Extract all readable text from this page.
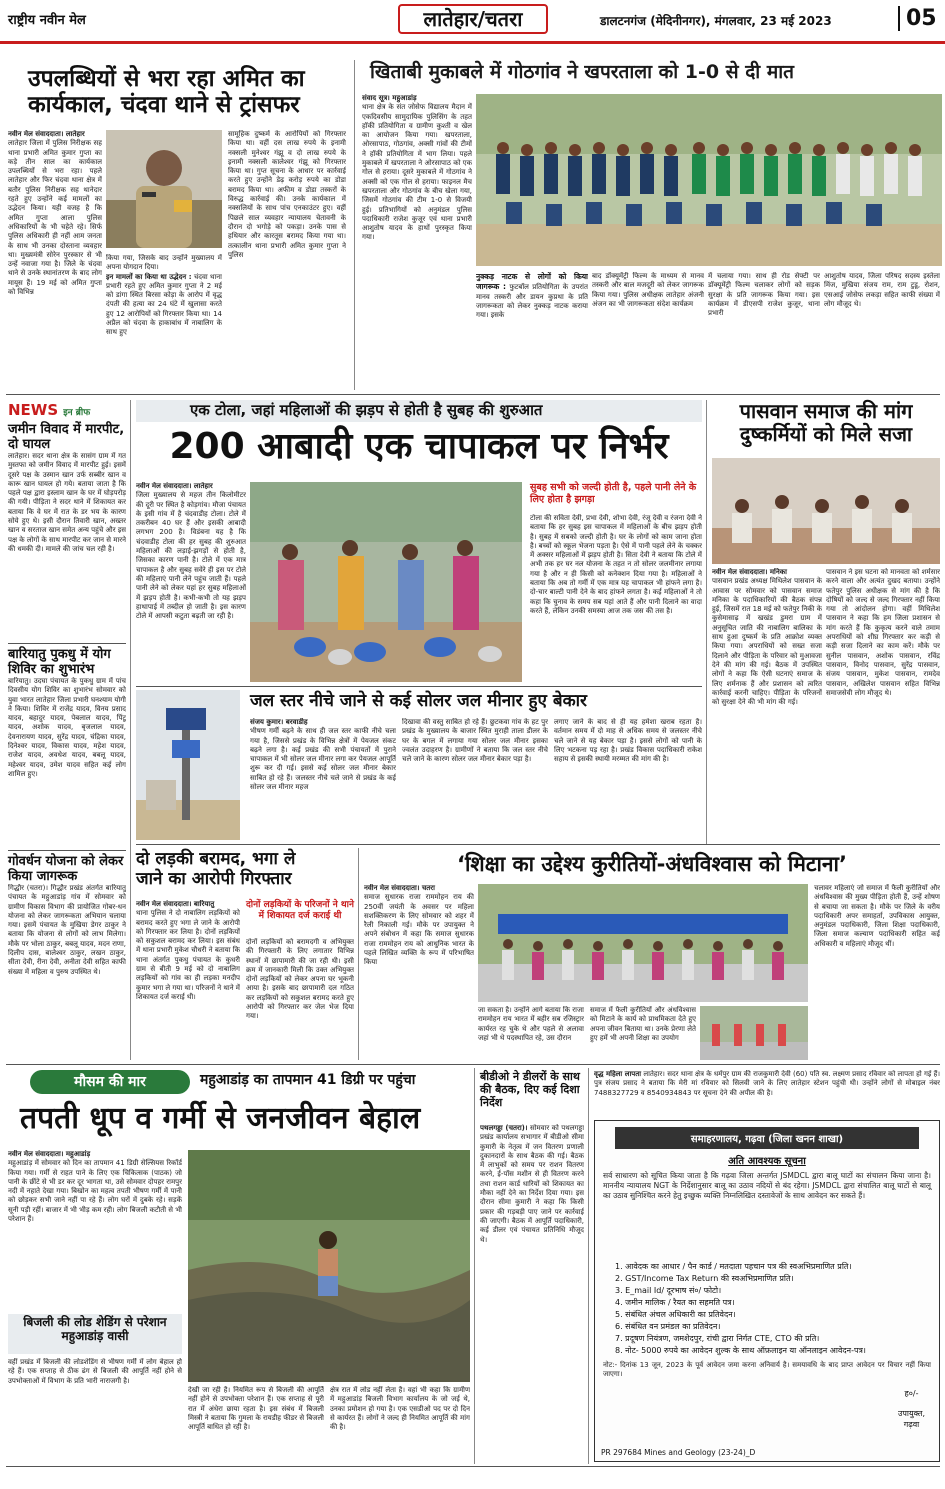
राष्ट्रीय नवीन मेल	लातेहार/चतरा	डालटनगंज (मेदिनीनगर), मंगलवार, 23 मई 2023	05
उपलब्धियों से भरा रहा अमित का
कार्यकाल, चंदवा थाने से ट्रांसफर
नवीन मेल संवाददाता। लातेहार
लातेहार जिला में पुलिस निरीक्षक सह थाना प्रभारी अमित कुमार गुप्ता का कड़े तीन साल का कार्यकाल उपलब्धियों से भरा रहा। पहले लातेहार और फिर चंदवा थाना क्षेत्र में बतौर पुलिस निरीक्षक सह थानेदार रहते हुए उन्होंने कई मामलों का उद्भेदन किया। यही वजह है कि अमित गुप्ता आला पुलिस अधिकारियों के भी चहेते रहे। सिर्फ पुलिस अधिकारी ही नहीं आम जनता के साथ भी उनका दोस्ताना व्यवहार था। मुख्यमंत्री सोरेन पुरस्कार से भी उन्हें नवाजा गया है। जिले के चंदवा थाने से उनके स्थानांतरण के बाद लोग मायूस हैं। 19 मई को अमित गुप्ता को विभिन्न
किया गया, जिसके बाद उन्होंने मुख्यालय में अपना योगदान दिया।
इन मामलों का किया था उद्भेदन : चंदवा थाना प्रभारी रहते हुए अमित कुमार गुप्ता ने 2 मई को डांगा स्थित बिरसा कोड़ा के आरोप में वृद्ध दंपती की हत्या का 24 घंटे में खुलासा करते हुए 12 आरोपियों को गिरफ्तार किया था। 14 अप्रैल को चंदवा के हाकाबांध में नाबालिग के साथ हुए
सामूहिक दुष्कर्म के आरोपियों को गिरफ्तार किया था। वहीं दस लाख रुपये के इनामी नक्सली मुनेश्वर गंझू व दो लाख रुपये के इनामी नक्सली कालेश्वर गंझू को गिरफ्तार किया था। गुप्त सूचना के आधार पर कार्रवाई करते हुए उन्होंने डेढ़ करोड़ रुपये का डोडा बरामद किया था। अफीम व डोडा तस्करों के विरुद्ध कार्रवाई की। उनके कार्यकाल में नक्सलियों के साथ पांच एनकाउंटर हुए। वहीं पिछले साल व्यवहार न्यायालय चेतावनी के दौरान दो भगोड़े को पकड़ा। उनके पास से हथियार और कारतूस बरामद किया गया था। तत्कालीन थाना प्रभारी अमित कुमार गुप्ता ने पुलिस
खिताबी मुकाबले में गोठगांव ने खपरताला को 1-0 से दी मात
संवाद सूत्र। महुआडांड़
थाना क्षेत्र के संत जोसेफ विद्यालय मैदान में एकदिवसीय सामुदायिक पुलिसिंग के तहत हॉकी प्रतियोगिता व ग्रामीण कुश्ती व खेल का आयोजन किया गया। खपरताला, ओरसापाठ, गोठगांव, अक्सी गांवों की टीमों ने हॉकी प्रतियोगिता में भाग लिया। पहले मुकाबले में खपरताला ने ओरसापाठ को एक गोल से हराया। दूसरे मुकाबले में गोठगांव ने अक्सी को एक गोल से हराया। फाइनल मैच खपरताला और गोठगांव के बीच खेला गया, जिसमें गोठगांव की टीम 1-0 से विजयी हुई। प्रतिभागियों को अनुमंडल पुलिस पदाधिकारी राजेश कुजूर एवं थाना प्रभारी आशुतोष यादव के हाथों पुरस्कृत किया गया।
नुक्कड़ नाटक से लोगों को किया जागरूक : फुटबॉल प्रतियोगिता के उपरांत मानव तस्करी और डायन कुप्रथा के प्रति जागरूकता को लेकर नुक्कड़ नाटक कराया गया। इसके
बाद डॉक्यूमेंट्री फिल्म के माध्यम से मानव तस्करी और बाल मजदूरी को लेकर जागरूक किया गया। पुलिस अधीक्षक लातेहार अंजनी अंजन का भी जागरूकता संदेश कार्यक्रम
में चलाया गया। साथ ही रोड सेफ्टी पर डॉक्यूमेंट्री फिल्म चलाकर लोगों को सड़क सुरक्षा के प्रति जागरूक किया गया। इस कार्यक्रम में डीएसपी राजेश कुजूर, थाना प्रभारी
आशुतोष यादव, जिला परिषद सदस्य इस्तेला मिंज, मुखिया संजय राम, राम टुडू, रोशन, एसआई जोसेफ लकड़ा सहित काफी संख्या में लोग मौजूद थे।
NEWS इन ब्रीफ
जमीन विवाद में मारपीट, दो घायल
लातेहार। सदर थाना क्षेत्र के सासंग ग्राम में गत मुस्तफा को जमीन विवाद में मारपीट हुई। इसमें दूसरे पक्ष के उस्मान खान उर्फ सब्बीर खान व कारू खान घायल हो गये। बताया जाता है कि पहले पक्ष द्वारा इस्लाम खान के घर में घोड़परोड़ की गयी। पीड़िता ने सदर थाने में शिकायत कर बताया कि वे घर में रात के डर भय के कारण सोये हुए थे। इसी दौरान तिवारी खान, अख्तर खान व सरताज खान समेत अन्य पहुंचे और इस पक्ष के लोगों के साथ मारपीट कर जान से मारने की धमकी दी। मामले की जांच चल रही है।
बारियातु पुकधु में योग शिविर का शुभारंभ
बारियातु। उदघा पंचायत के पुकधु ग्राम में पांच दिवसीय योग शिविर का शुभारंभ सोमवार को युवा भारत लातेहार जिला प्रभारी घनश्याम योगी ने किया। शिविर में राजेंद्र यादव, विनय प्रसाद यादव, बहादुर यादव, पेबलाल यादव, पिंटू यादव, अशोक यादव, बृजलाल यादव, देवनारायण यादव, सुरेंद्र यादव, चंद्रिका यादव, दिनेश्वर यादव, विकास यादव, महेश यादव, राजेश यादव, अवधेश यादव, बबलू यादव, महेश्वर यादव, उमेश यादव सहित कई लोग शामिल हुए।
गोवर्धन योजना को लेकर किया जागरूक
गिद्धौर (चतरा)। गिद्धौर प्रखंड अंतर्गत बारियातु पंचायत के महुआडांड़ गांव में सोमवार को ग्रामीण विकास विभाग की प्रायोजित गोबर-धन योजना को लेकर जागरूकता अभियान चलाया गया। इसमें पंचायत के मुखिया डेगर ठाकुर ने बताया कि योजना से लोगों को लाभ मिलेगा। मौके पर भोला ठाकुर, बबलू यादव, मदन राणा, दिलीप दास, बालेश्वर ठाकुर, लखन ठाकुर, सीता देवी, रीना देवी, अनीता देवी सहित काफी संख्या में महिला व पुरुष उपस्थित थे।
एक टोला, जहां महिलाओं की झड़प से होती है सुबह की शुरुआत
200 आबादी एक चापाकल पर निर्भर
नवीन मेल संवाददाता। लातेहार
जिला मुख्यालय से महज तीन किलोमीटर की दूरी पर स्थित है कोड़गांव। मौजा पंचायत के इसी गांव में है चंदवाडीह टोला। टोले में तकरीबन 40 घर हैं और इसकी आबादी लगभग 200 है। विडंबना यह है कि चंदवाडीह टोला की हर सुबह की शुरुआत महिलाओं की लड़ाई-झगड़ों से होती है, जिसका कारण पानी है। टोले में एक मात्र चापाकल है और सुबह सवेरे ही इस पर टोले की महिलाएं पानी लेने पहुंच जाती हैं। पहले पानी लेने को लेकर यहां हर सुबह महिलाओं में झड़प होती है। कभी-कभी तो यह झड़प हाथापाई में तब्दील हो जाती है। इस कारण टोले में आपसी कटुता बढ़ती जा रही है।
सुबह सभी को जल्दी होती है, पहले पानी लेने के लिए होता है झगड़ा
टोला की सविता देवी, प्रभा देवी, शोभा देवी, रंजू देवी व रंजना देवी ने बताया कि हर सुबह इस चापाकल में महिलाओं के बीच झड़प होती है। सुबह में सबको जल्दी होती है। घर के लोगों को काम जाना होता है। बच्चों को स्कूल भेजना पड़ता है। ऐसे में पानी पहले लेने के चक्कर में अक्सर महिलाओं में झड़प होती है। सिता देवी ने बताया कि टोले में अभी तक हर घर नल योजना के तहत न तो सोलर जलमीनार लगाया गया है और न ही किसी को कनेक्शन दिया गया है। महिलाओं ने बताया कि अब तो गर्मी में एक मात्र यह चापाकल भी हांफने लगा है। दो-चार बाल्टी पानी देने के बाद हांफने लगता है। कई महिलाओं ने तो कहा कि चुनाव के समय सब यहां आते हैं और पानी दिलाने का वादा करते हैं, लेकिन उनकी समस्या आज तक जस की तस है।
पासवान समाज की मांग
दुष्कर्मियों को मिले सजा
नवीन मेल संवाददाता। मनिका
पासवान प्रखंड अध्यक्ष मिथिलेश पासवान के आवास पर सोमवार को पासवान समाज मनिका के पदाधिकारियों की बैठक संपन्न हुई, जिसमें रात 18 मई को फतेपुर निकी के कुसेमासाढ़ में खखंड डुमरा ग्राम में अनुसूचित जाति की नाबालिग बालिका के साथ हुआ दुष्कर्म के प्रति आक्रोश व्यक्त किया गया। अपराधियों को सख्त सजा दिलाने और पीड़िता के परिवार को मुआवजा देने की मांग की गई। बैठक में उपस्थित लोगों ने कहा कि ऐसी घटनाएं समाज के लिए शर्मनाक हैं और प्रशासन को त्वरित कार्रवाई करनी चाहिए। पीड़िता के परिजनों को सुरक्षा देने की भी मांग की गई।
पासवान ने इस घटना को मानवता को शर्मसार करने वाला और अत्यंत दुखद बताया। उन्होंने फतेपुर पुलिस अधीक्षक से मांग की है कि दोषियों को जल्द से जल्द गिरफ्तार नहीं किया गया तो आंदोलन होगा। वहीं मिथिलेश पासवान ने कहा कि हम जिला प्रशासन से मांग करते हैं कि कुकृत्य करने वाले तमाम अपराधियों को शीघ्र गिरफ्तार कर कड़ी से कड़ी सजा दिलाने का काम करें। मौके पर सुनील पासवान, अशोक पासवान, रविंद्र पासवान, विनोद पासवान, सुरेंद्र पासवान, संजय पासवान, मुकेश पासवान, रामदेव पासवान, अखिलेश पासवान सहित विभिन्न समाजसेवी लोग मौजूद थे।
जल स्तर नीचे जाने से कई सोलर जल मीनार हुए बेकार
संजय कुमार। बरवाडीह
भीषण गर्मी बढ़ने के साथ ही जल स्तर काफी नीचे चला गया है, जिससे प्रखंड के विभिन्न क्षेत्रों में पेयजल संकट बढ़ने लगा है। कई प्रखंड की सभी पंचायतों में पुराने चापाकल में भी सोलर जल मीनार लगा कर पेयजल आपूर्ति शुरू कर दी गई। इससे कई सोलर जल मीनार बेकार साबित हो रहे हैं। जलस्तर नीचे चले जाने से प्रखंड के कई सोलर जल मीनार महज
दिखावा की वस्तु साबित हो रहे हैं। छुटकवा गांव के हट पुर प्रखंड के मुख्यालय के बाजार स्थित मुराही ताला डीलर के घर के बगल में लगाया गया सोलर जल मीनार इसका ज्वलंत उदाहरण है। ग्रामीणों ने बताया कि जल स्तर नीचे चले जाने के कारण सोलर जल मीनार बेकार पड़ा है।
लगाए जाने के बाद से ही यह हमेशा खराब रहता है। वर्तमान समय में दो माह से अधिक समय से जलस्तर नीचे चले जाने से यह बेकार पड़ा है। इससे लोगों को पानी के लिए भटकना पड़ रहा है। प्रखंड विकास पदाधिकारी राकेश सहाय से इसकी स्थायी मरम्मत की मांग की है।
दो लड़की बरामद, भगा ले
जाने का आरोपी गिरफ्तार
नवीन मेल संवाददाता। बारियातु
थाना पुलिस ने दो नाबालिग लड़कियों को बरामद करते हुए भगा ले जाने के आरोपी को गिरफ्तार कर लिया है। दोनों लड़कियों को सकुशल बरामद कर लिया। इस संबंध में थाना प्रभारी मुकेश चौधरी ने बताया कि थाना अंतर्गत पुकधु पंचायत के कुधरी ग्राम से बीती 9 मई को दो नाबालिग लड़कियों को गांव का ही लड़का मनदीप कुमार भगा ले गया था। परिजनों ने थाने में शिकायत दर्ज कराई थी।
दोनों लड़कियों के परिजनों ने थाने में शिकायत दर्ज कराई थी
दोनों लड़कियों को बरामदगी व अभियुक्त की गिरफ्तारी के लिए लगातार विभिन्न स्थानों में छापामारी की जा रही थी। इसी क्रम में जानकारी मिली कि उक्त अभियुक्त दोनों लड़कियों को लेकर अपना घर भूकनी आया है। इसके बाद छापामारी दल गठित कर लड़कियों को सकुशल बरामद करते हुए आरोपी को गिरफ्तार कर जेल भेज दिया गया।
‘शिक्षा का उद्देश्य कुरीतियों-अंधविश्वास को मिटाना’
नवीन मेल संवाददाता। चतरा
समाज सुधारक राजा राममोहन राय की 250वीं जयंती के अवसर पर महिला सशक्तिकरण के लिए सोमवार को शहर में रैली निकाली गई। मौके पर उपायुक्त ने अपने संबोधन में कहा कि समाज सुधारक राजा राममोहन राय को आधुनिक भारत के पहले लिखित व्यक्ति के रूप में परिभाषित किया
जा सकता है। उन्होंने आगे बताया कि राजा राममोहन राय भारत में बहीर सब रजिस्ट्रार कार्यरत रह चुके थे और पहले से अलावा जहां भी थे पदस्थापित रहे, उस दौरान
समाज में फैली कुरीतियों और अंधविश्वास को मिटाने के कार्य को प्राथमिकता देते हुए अपना जीवन बिताया था। उनके प्रेरणा लेते हुए हमें भी अपनी शिक्षा का उपयोग
चलावर महिलाएं जो समाज में फैली कुरीतियों और अंधविश्वास की मुख्य पीड़िता होती हैं, उन्हें शोषण से बचाया जा सकता है। मौके पर जिले के वरीय पदाधिकारी अपर समाहर्ता, उपविकास आयुक्त, अनुमंडल पदाधिकारी, जिला शिक्षा पदाधिकारी, जिला समाज कल्याण पदाधिकारी सहित कई अधिकारी व महिलाएं मौजूद थीं।
मौसम की मार	महुआडांड़ का तापमान 41 डिग्री पर पहुंचा
तपती धूप व गर्मी से जनजीवन बेहाल
नवीन मेल संवाददाता। महुआडांड़
महुआडांड़ में सोमवार को दिन का तापमान 41 डिग्री सेल्सियस रिकॉर्ड किया गया। गर्मी से राहत पाने के लिए एक चिकित्सक (पाठक) जो पानी के छींटे से भी डर कर दूर भागता था, उसे सोमवार दोपहर रामपुर नदी में नहाते देखा गया। बिखोन का महत्व तपती भीषण गर्मी में पानी को छोड़कर सभी जाने नहीं पा रहे हैं। लोग घरों में दुबके रहे। सड़कें सूनी पड़ी रहीं। बाजार में भी भीड़ कम रही। लोग बिजली कटौती से भी परेशान हैं।
बिजली की लोड शेडिंग से परेशान महुआडांड़ वासी
वहीं प्रखंड में बिजली की लोडशेडिंग से भीषण गर्मी में लोग बेहाल हो रहे हैं। एक सप्ताह से ठीक ढंग से बिजली की आपूर्ति नहीं होने से उपभोक्ताओं में विभाग के प्रति भारी नाराजगी है।
देखी जा रही है। नियमित रूप से बिजली की आपूर्ति नहीं होने से उपभोक्ता परेशान हैं। एक सप्ताह से पूरी रात में अंधेरा छाया रहता है। इस संबंध में बिजली मिस्त्री ने बताया कि गुमला के रायडीह फीडर से बिजली आपूर्ति बाधित हो रही है।
क्षेत्र रात में लोड नहीं लेता है। वहां भी कहा कि ग्रामीण में महुआडांड़ बिजली विभाग कार्यालय के जो जई थे, उनका प्रमोशन हो गया है। एक एसडीओ पद पर दो दिन से कार्यरत हैं। लोगों ने जल्द ही नियमित आपूर्ति की मांग की है।
बीडीओ ने डीलरों के साथ की बैठक, दिए कई दिशा निर्देश
पथलगड्डा (चतरा)। सोमवार को पथलगड्डा प्रखंड कार्यालय सभागार में बीडीओ सीमा कुमारी के नेतृत्व में जन वितरण प्रणाली दुकानदारों के साथ बैठक की गई। बैठक में लाभुकों को समय पर राशन वितरण करने, ई-पॉस मशीन से ही वितरण करने तथा राशन कार्ड धारियों को शिकायत का मौका नहीं देने का निर्देश दिया गया। इस दौरान सीमा कुमारी ने कहा कि किसी प्रकार की गड़बड़ी पाए जाने पर कार्रवाई की जाएगी। बैठक में आपूर्ति पदाधिकारी, कई डीलर एवं पंचायत प्रतिनिधि मौजूद थे।
वृद्ध महिला लापता लातेहार। सदर थाना क्षेत्र के धर्मपुर ग्राम की राजकुमारी देवी (60) पति स्व. लक्ष्मण प्रसाद रविवार को लापता हो गई हैं। पुत्र संजय प्रसाद ने बताया कि मेरी मां रविवार को सिलवी जाने के लिए लातेहार स्टेशन पहुंची थी। उन्होंने लोगों से मोबाइल नंबर 7488327729 व 8540934843 पर सूचना देने की अपील की है।
समाहरणालय, गढ़वा (जिला खनन शाखा)
अति आवश्यक सूचना
सर्व साधारण को सूचित किया जाता है कि गढ़वा जिला अन्तर्गत JSMDCL द्वारा बालू घाटों का संचालन किया जाना है। माननीय न्यायालय NGT के निर्देशानुसार बालू का उठाव नदियों से बंद रहेगा। JSMDCL द्वारा संचालित बालू घाटों से बालू का उठाव सुनिश्चित करने हेतु इच्छुक व्यक्ति निम्नलिखित दस्तावेजों के साथ आवेदन कर सकते हैं।
1. आवेदक का आधार / पैन कार्ड / मतदाता पहचान पत्र की स्वअभिप्रमाणित प्रति।
2. GST/Income Tax Return की स्वअभिप्रमाणित प्रति।
3. E_mail Id/ दूरभाष सं०/ फोटो।
4. जमीन मालिक / रैयत का सहमति पत्र।
5. संबंधित अंचल अधिकारी का प्रतिवेदन।
6. संबंधित वन प्रमंडल का प्रतिवेदन।
7. प्रदूषण नियंत्रण, जमशेदपुर, रांची द्वारा निर्गत CTE, CTO की प्रति।
8. नोट- 5000 रुपये का आवेदन शुल्क के साथ ऑफ़लाइन या ऑनलाइन आवेदन-पत्र।
नोट:- दिनांक 13 जून, 2023 के पूर्व आवेदन जमा करना अनिवार्य है। समयावधि के बाद प्राप्त आवेदन पर विचार नहीं किया जाएगा।

ह०/-

उपायुक्त,
गढ़वा

PR 297684 Mines and Geology (23-24)_D
